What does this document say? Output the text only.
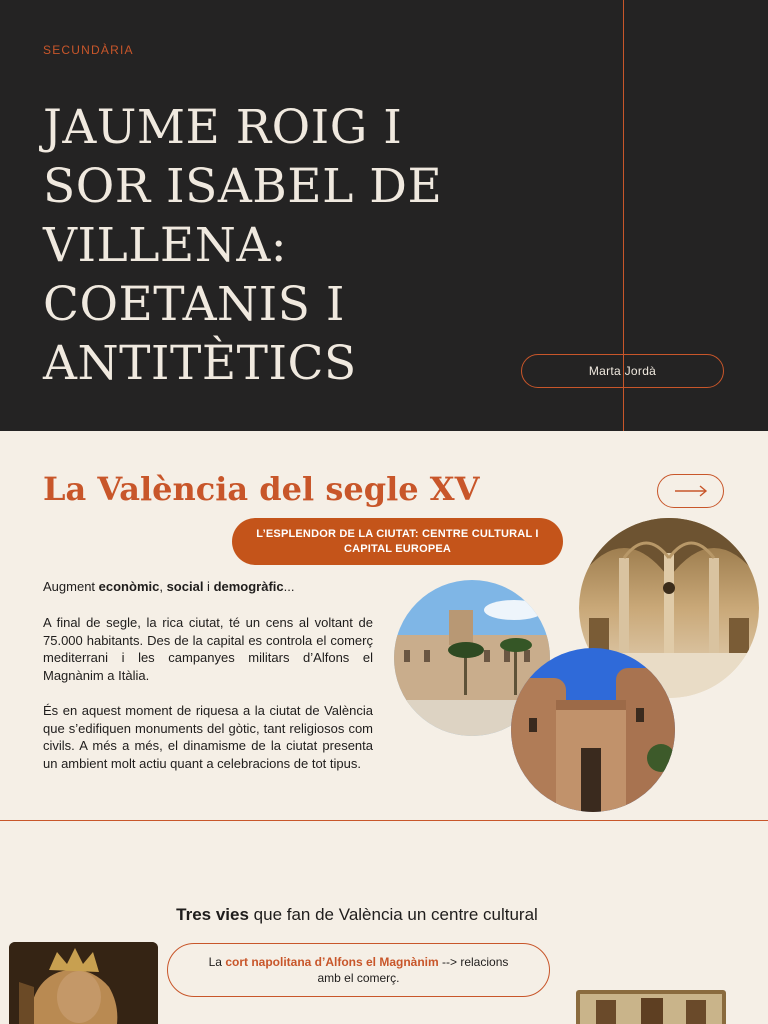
SECUNDÀRIA
JAUME ROIG I SOR ISABEL DE VILLENA: COETANIS I ANTITÈTICS	Marta Jordà
La València del segle XV
L’ESPLENDOR DE LA CIUTAT: CENTRE CULTURAL I CAPITAL EUROPEA

Augment econòmic, social i demogràfic...

A final de segle, la rica ciutat, té un cens al voltant de 75.000 habitants. Des de la capital es controla el comerç mediterrani i les campanyes militars d’Alfons el Magnànim a Itàlia.

És en aquest moment de riquesa a la ciutat de València que s’edifiquen monuments del gòtic, tant religiosos com civils. A més a més, el dinamisme de la ciutat presenta un ambient molt actiu quant a celebracions de tot tipus.

Tres vies que fan de València un centre cultural

La cort napolitana d’Alfons el Magnànim --> relacions amb el comerç.
